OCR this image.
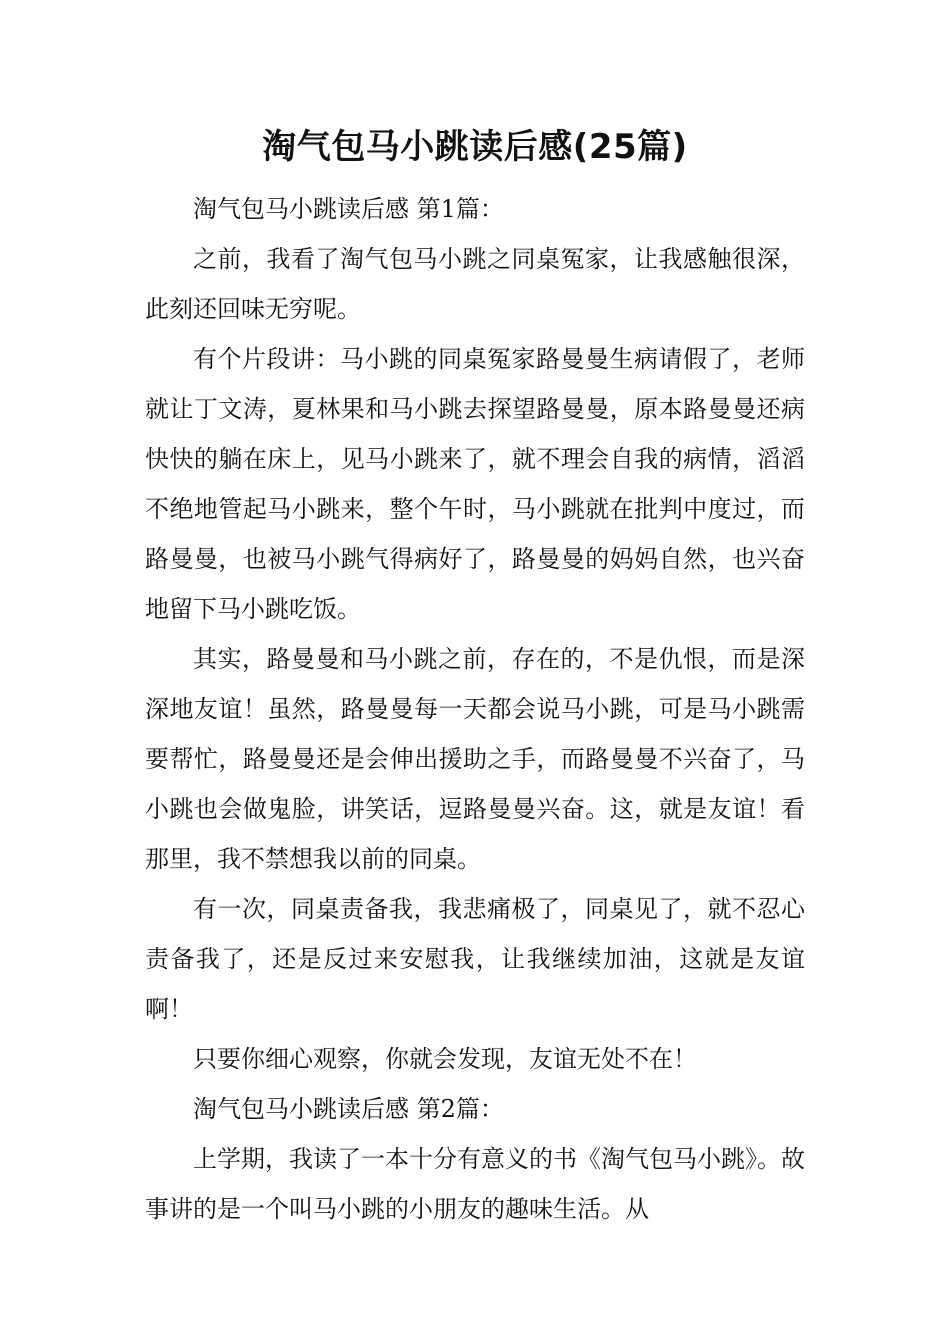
淘气包马小跳读后感(25篇)

淘气包马小跳读后感 第1篇：

之前，我看了淘气包马小跳之同桌冤家，让我感触很深，此刻还回味无穷呢。

有个片段讲：马小跳的同桌冤家路曼曼生病请假了，老师就让丁文涛，夏林果和马小跳去探望路曼曼，原本路曼曼还病快快的躺在床上，见马小跳来了，就不理会自我的病情，滔滔不绝地管起马小跳来，整个午时，马小跳就在批判中度过，而路曼曼，也被马小跳气得病好了，路曼曼的妈妈自然，也兴奋地留下马小跳吃饭。

其实，路曼曼和马小跳之前，存在的，不是仇恨，而是深深地友谊！虽然，路曼曼每一天都会说马小跳，可是马小跳需要帮忙，路曼曼还是会伸出援助之手，而路曼曼不兴奋了，马小跳也会做鬼脸，讲笑话，逗路曼曼兴奋。这，就是友谊！看那里，我不禁想我以前的同桌。

有一次，同桌责备我，我悲痛极了，同桌见了，就不忍心责备我了，还是反过来安慰我，让我继续加油，这就是友谊啊！

只要你细心观察，你就会发现，友谊无处不在！

淘气包马小跳读后感 第2篇：

上学期，我读了一本十分有意义的书《淘气包马小跳》。故事讲的是一个叫马小跳的小朋友的趣味生活。从
